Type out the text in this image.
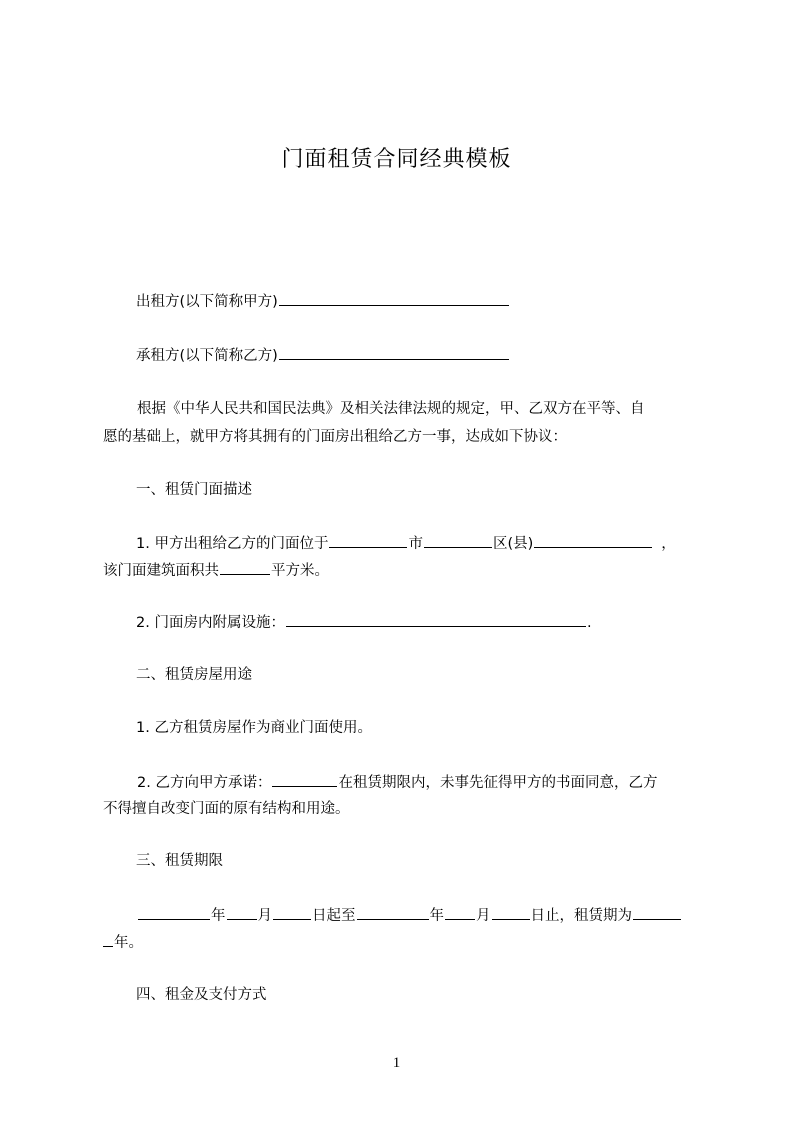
门面租赁合同经典模板
出租方(以下简称甲方)
承租方(以下简称乙方)
根据《中华人民共和国民法典》及相关法律法规的规定，甲、乙双方在平等、自
愿的基础上，就甲方将其拥有的门面房出租给乙方一事，达成如下协议：
一、租赁门面描述
1. 甲方出租给乙方的门面位于	市	区(县)	，
该门面建筑面积共	平方米。
2. 门面房内附属设施：	.
二、租赁房屋用途
1. 乙方租赁房屋作为商业门面使用。
2. 乙方向甲方承诺：	在租赁期限内，未事先征得甲方的书面同意，乙方
不得擅自改变门面的原有结构和用途。
三、租赁期限
年 月	日起至	年 月	日止，租赁期为
年。
四、租金及支付方式
1
